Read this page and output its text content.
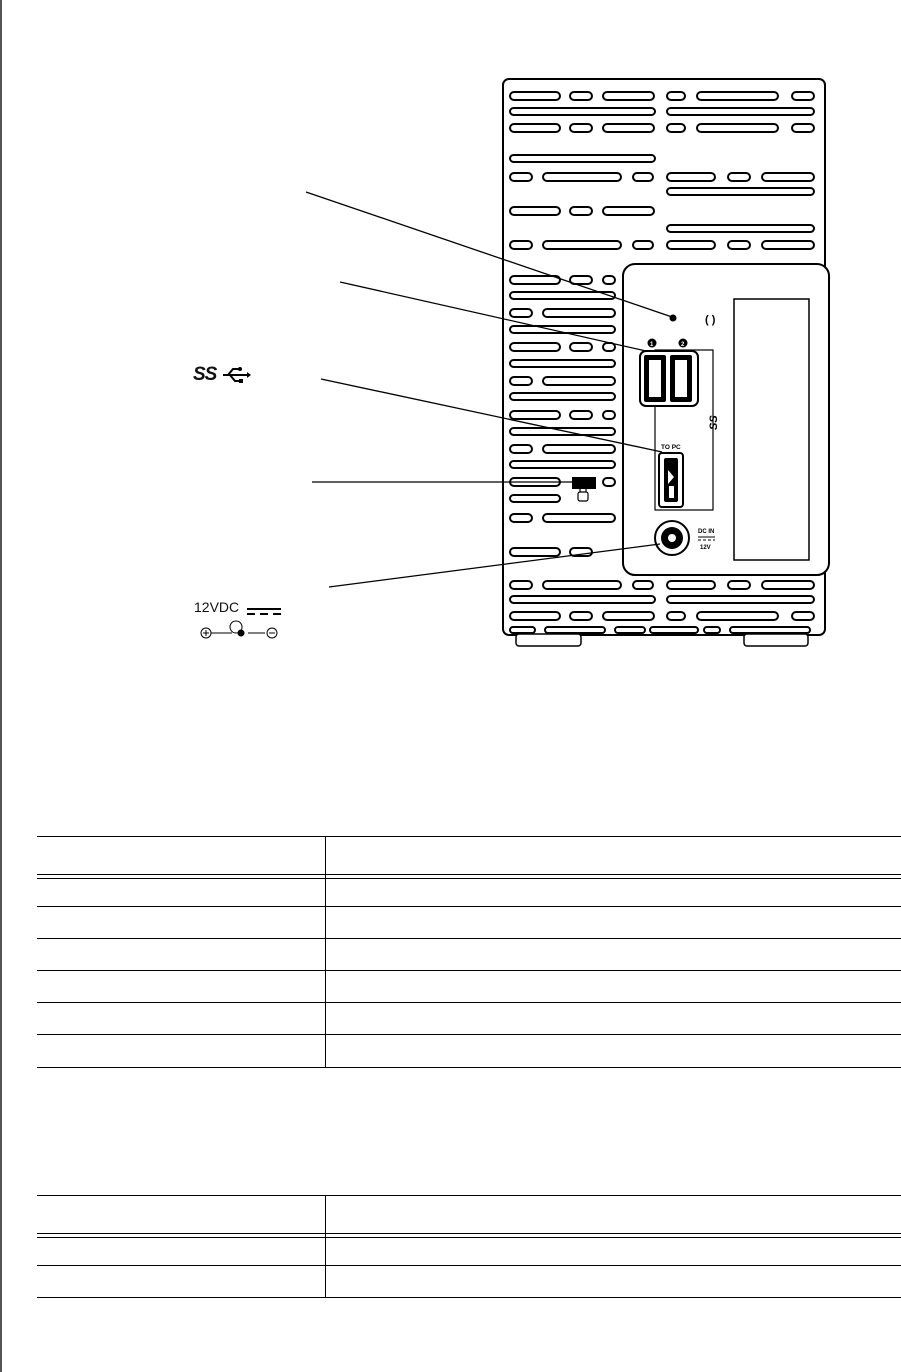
( )
1	2
SS
TO PC
DC IN
12V
SS
12VDC
